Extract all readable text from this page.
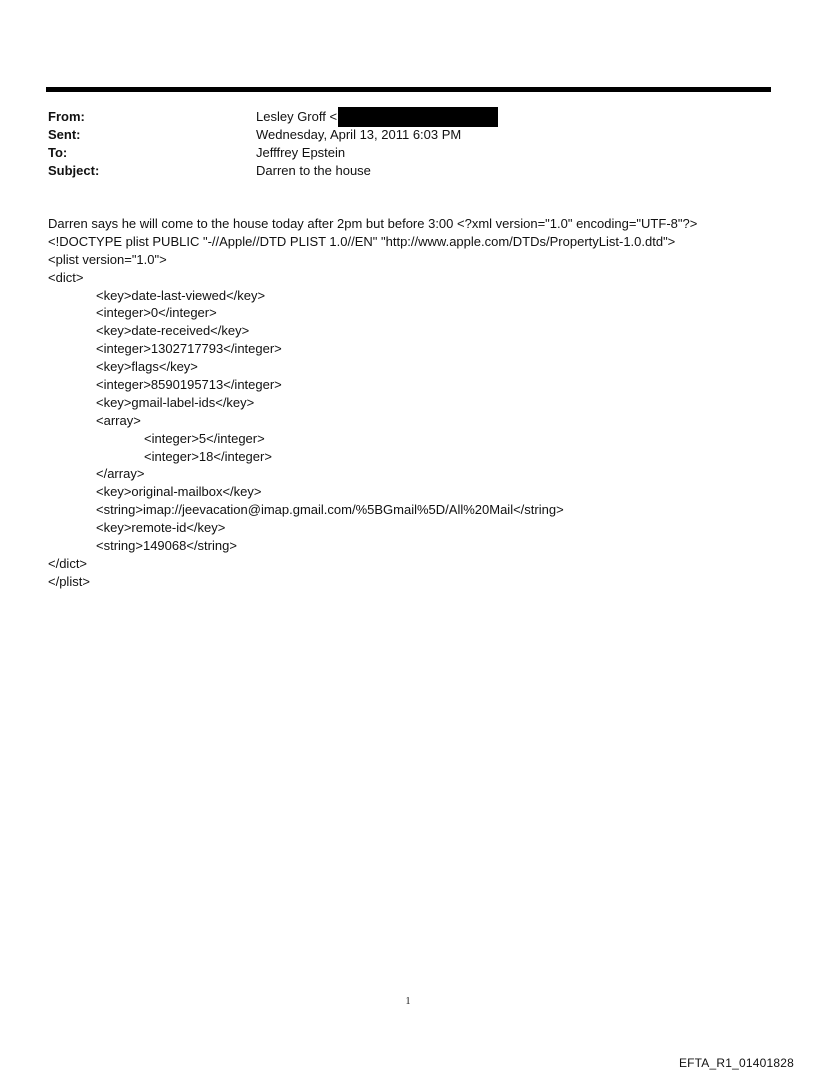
From:	Lesley Groff <
Sent:	Wednesday, April 13, 2011 6:03 PM
To:	Jefffrey Epstein
Subject:	Darren to the house
Darren says he will come to the house today after 2pm but before 3:00 <?xml version="1.0" encoding="UTF-8"?>
<!DOCTYPE plist PUBLIC "-//Apple//DTD PLIST 1.0//EN" "http://www.apple.com/DTDs/PropertyList-1.0.dtd">
<plist version="1.0">
<dict>
<key>date-last-viewed</key>
<integer>0</integer>
<key>date-received</key>
<integer>1302717793</integer>
<key>flags</key>
<integer>8590195713</integer>
<key>gmail-label-ids</key>
<array>
<integer>5</integer>
<integer>18</integer>
</array>
<key>original-mailbox</key>
<string>imap://jeevacation@imap.gmail.com/%5BGmail%5D/All%20Mail</string>
<key>remote-id</key>
<string>149068</string>
</dict>
</plist>
1
EFTA_R1_01401828
